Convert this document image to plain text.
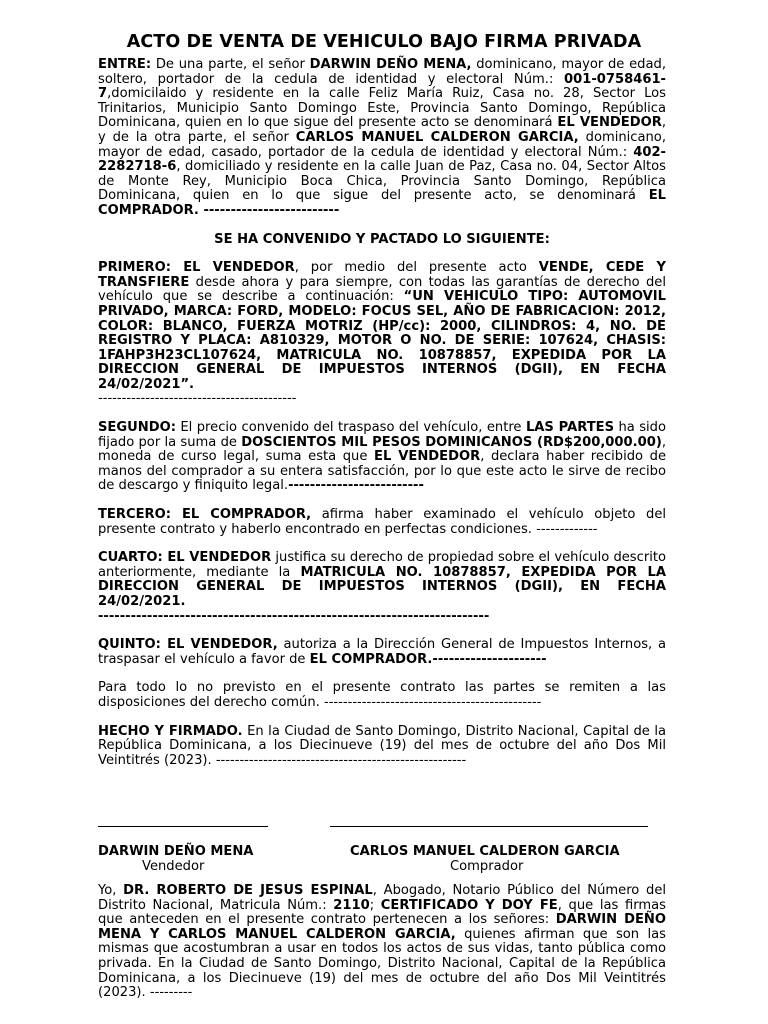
ACTO DE VENTA DE VEHICULO BAJO FIRMA PRIVADA

ENTRE: De una parte, el señor DARWIN DEÑO MENA, dominicano, mayor de edad, soltero, portador de la cedula de identidad y electoral Núm.: 001-0758461-7,domicilaido y residente en la calle Feliz María Ruiz, Casa no. 28, Sector Los Trinitarios, Municipio Santo Domingo Este, Provincia Santo Domingo, República Dominicana, quien en lo que sigue del presente acto se denominará EL VENDEDOR, y de la otra parte, el señor CARLOS MANUEL CALDERON GARCIA, dominicano, mayor de edad, casado, portador de la cedula de identidad y electoral Núm.: 402-2282718-6, domiciliado y residente en la calle Juan de Paz, Casa no. 04, Sector Altos de Monte Rey, Municipio Boca Chica, Provincia Santo Domingo, República Dominicana, quien en lo que sigue del presente acto, se denominará EL COMPRADOR. -------------------------

SE HA CONVENIDO Y PACTADO LO SIGUIENTE:

PRIMERO: EL VENDEDOR, por medio del presente acto VENDE, CEDE Y TRANSFIERE desde ahora y para siempre, con todas las garantías de derecho del vehículo que se describe a continuación: “UN VEHICULO TIPO: AUTOMOVIL PRIVADO, MARCA: FORD, MODELO: FOCUS SEL, AÑO DE FABRICACION: 2012, COLOR: BLANCO, FUERZA MOTRIZ (HP/cc): 2000, CILINDROS: 4, NO. DE REGISTRO Y PLACA: A810329, MOTOR O NO. DE SERIE: 107624, CHASIS: 1FAHP3H23CL107624, MATRICULA NO. 10878857, EXPEDIDA POR LA DIRECCION GENERAL DE IMPUESTOS INTERNOS (DGII), EN FECHA 24/02/2021”.

------------------------------------------

SEGUNDO: El precio convenido del traspaso del vehículo, entre LAS PARTES ha sido fijado por la suma de DOSCIENTOS MIL PESOS DOMINICANOS (RD$200,000.00), moneda de curso legal, suma esta que EL VENDEDOR, declara haber recibido de manos del comprador a su entera satisfacción, por lo que este acto le sirve de recibo de descargo y finiquito legal.-------------------------

TERCERO: EL COMPRADOR, afirma haber examinado el vehículo objeto del presente contrato y haberlo encontrado en perfectas condiciones. -------------

CUARTO: EL VENDEDOR justifica su derecho de propiedad sobre el vehículo descrito anteriormente, mediante la MATRICULA NO. 10878857, EXPEDIDA POR LA DIRECCION GENERAL DE IMPUESTOS INTERNOS (DGII), EN FECHA 24/02/2021.

------------------------------------------------------------------------

QUINTO: EL VENDEDOR, autoriza a la Dirección General de Impuestos Internos, a traspasar el vehículo a favor de EL COMPRADOR.---------------------

Para todo lo no previsto en el presente contrato las partes se remiten a las disposiciones del derecho común. ----------------------------------------------

HECHO Y FIRMADO. En la Ciudad de Santo Domingo, Distrito Nacional, Capital de la República Dominicana, a los Diecinueve (19) del mes de octubre del año Dos Mil Veintitrés (2023). -----------------------------------------------------

DARWIN DEÑO MENA	CARLOS MANUEL CALDERON GARCIA
Vendedor	Comprador

Yo, DR. ROBERTO DE JESUS ESPINAL, Abogado, Notario Público del Número del Distrito Nacional, Matricula Núm.: 2110; CERTIFICADO Y DOY FE, que las firmas que anteceden en el presente contrato pertenecen a los señores: DARWIN DEÑO MENA Y CARLOS MANUEL CALDERON GARCIA, quienes afirman que son las mismas que acostumbran a usar en todos los actos de sus vidas, tanto pública como privada. En la Ciudad de Santo Domingo, Distrito Nacional, Capital de la República Dominicana, a los Diecinueve (19) del mes de octubre del año Dos Mil Veintitrés (2023). ---------
